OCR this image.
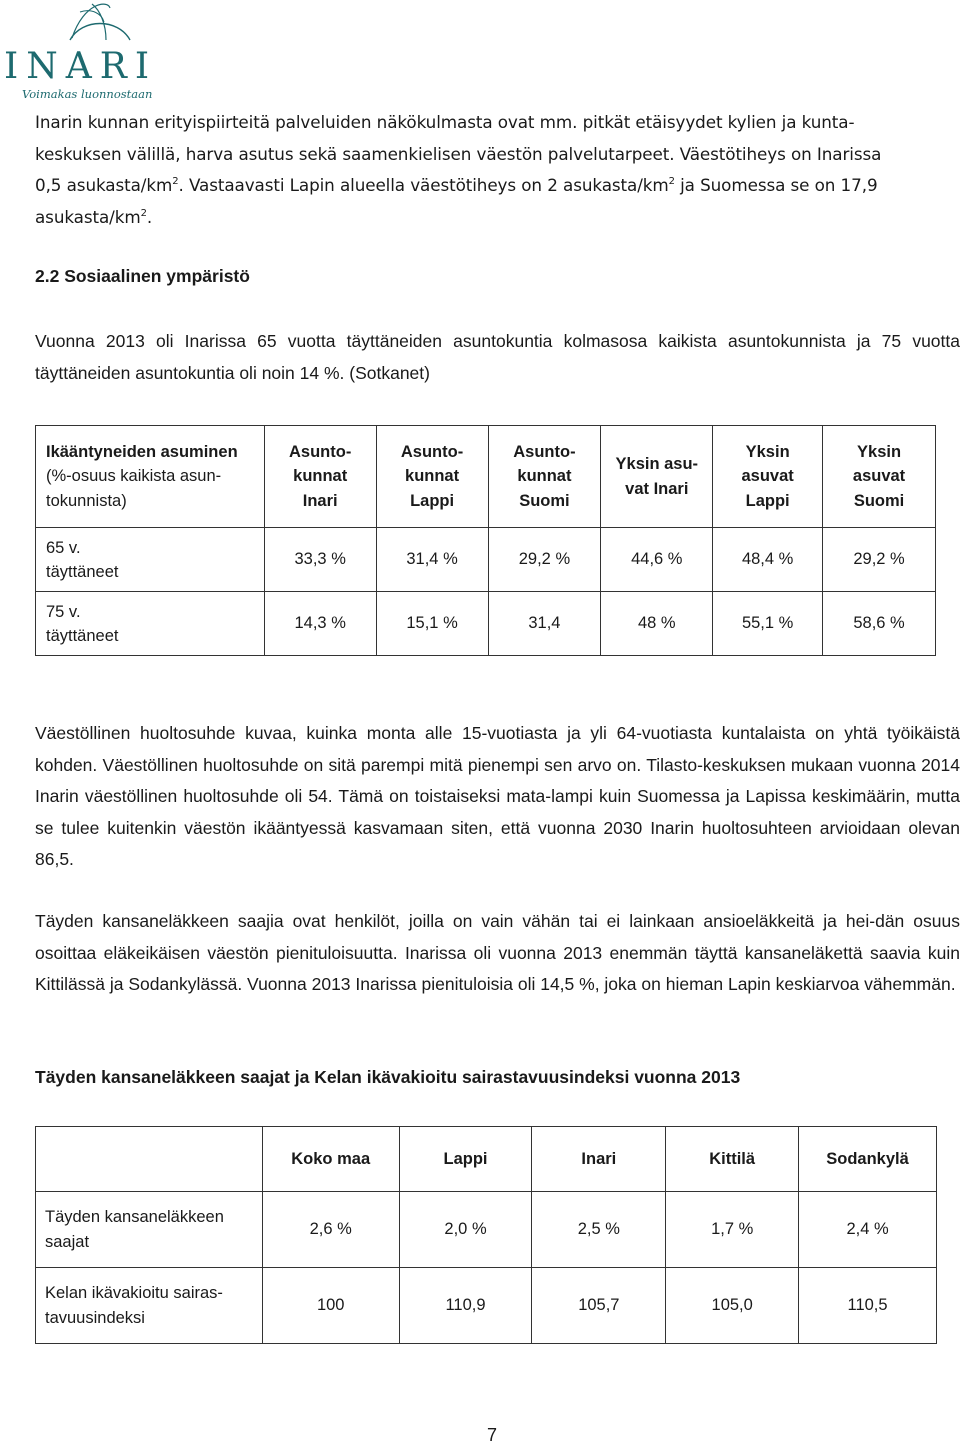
INARI
Voimakas luonnostaan

Inarin kunnan erityispiirteitä palveluiden näkökulmasta ovat mm. pitkät etäisyydet kylien ja kunta-

keskuksen välillä, harva asutus sekä saamenkielisen väestön palvelutarpeet. Väestötiheys on Inarissa

0,5 asukasta/$km^2$. Vastaavasti Lapin alueella väestötiheys on 2 asukasta/$km^2$ ja Suomessa se on 17,9

asukasta/$km^2$.

2.2 Sosiaalinen ympäristö

Vuonna 2013 oli Inarissa 65 vuotta täyttäneiden asuntokuntia kolmasosa kaikista asuntokunnista ja 75 vuotta täyttäneiden asuntokuntia oli noin 14 %. (Sotkanet)

Ikääntyneiden asuminen
(%-osuus kaikista asun-
tokunnista)	Asunto-
kunnat
Inari	Asunto-
kunnat
Lappi	Asunto-
kunnat
Suomi	Yksin asu-
vat Inari	Yksin
asuvat
Lappi	Yksin
asuvat
Suomi
65 v.
täyttäneet	33,3 %	31,4 %	29,2 %	44,6 %	48,4 %	29,2 %
75 v.
täyttäneet	14,3 %	15,1 %	31,4	48 %	55,1 %	58,6 %

Väestöllinen huoltosuhde kuvaa, kuinka monta alle 15-vuotiasta ja yli 64-vuotiasta kuntalaista on yhtä työikäistä kohden. Väestöllinen huoltosuhde on sitä parempi mitä pienempi sen arvo on. Tilasto-keskuksen mukaan vuonna 2014 Inarin väestöllinen huoltosuhde oli 54. Tämä on toistaiseksi mata-lampi kuin Suomessa ja Lapissa keskimäärin, mutta se tulee kuitenkin väestön ikääntyessä kasvamaan siten, että vuonna 2030 Inarin huoltosuhteen arvioidaan olevan 86,5.

Täyden kansaneläkkeen saajia ovat henkilöt, joilla on vain vähän tai ei lainkaan ansioeläkkeitä ja hei-dän osuus osoittaa eläkeikäisen väestön pienituloisuutta. Inarissa oli vuonna 2013 enemmän täyttä kansaneläkettä saavia kuin Kittilässä ja Sodankylässä. Vuonna 2013 Inarissa pienituloisia oli 14,5 %, joka on hieman Lapin keskiarvoa vähemmän.

Täyden kansaneläkkeen saajat ja Kelan ikävakioitu sairastavuusindeksi vuonna 2013
	Koko maa	Lappi	Inari	Kittilä	Sodankylä
Täyden kansaneläkkeen
saajat	2,6 %	2,0 %	2,5 %	1,7 %	2,4 %
Kelan ikävakioitu sairas-
tavuusindeksi	100	110,9	105,7	105,0	110,5
7
